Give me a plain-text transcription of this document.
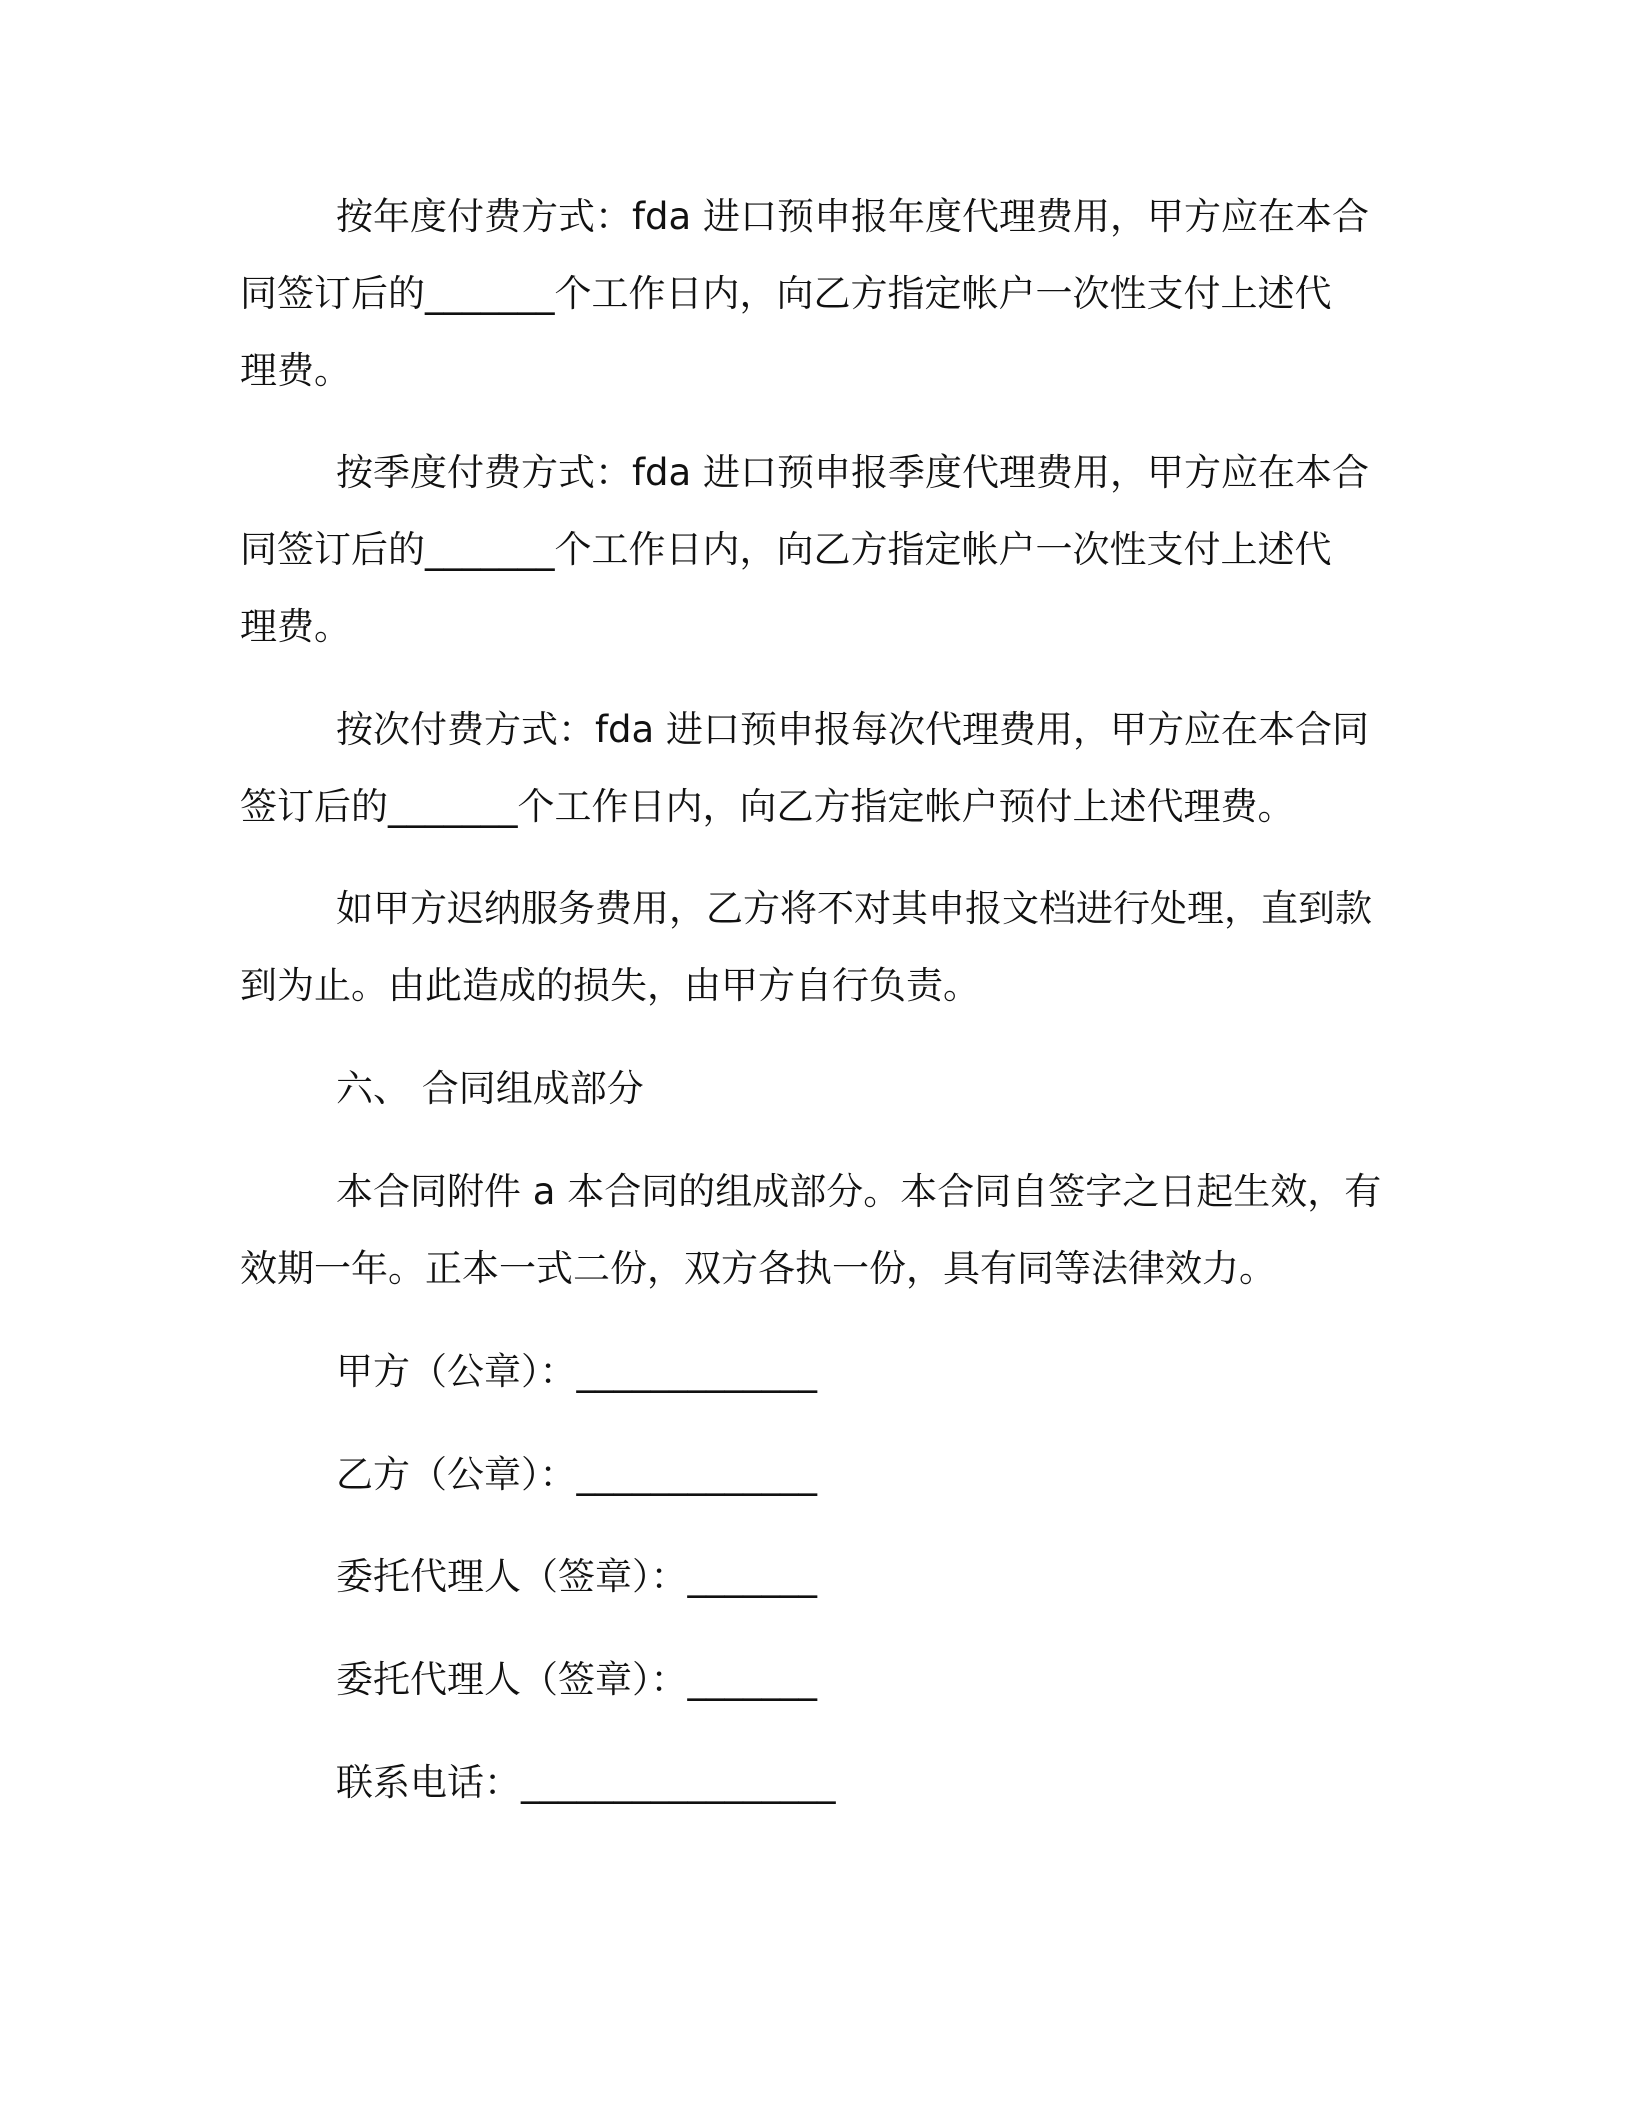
按年度付费方式：fda 进口预申报年度代理费用，甲方应在本合
同签订后的_______个工作日内，向乙方指定帐户一次性支付上述代
理费。
按季度付费方式：fda 进口预申报季度代理费用，甲方应在本合
同签订后的_______个工作日内，向乙方指定帐户一次性支付上述代
理费。
按次付费方式：fda 进口预申报每次代理费用，甲方应在本合同
签订后的_______个工作日内，向乙方指定帐户预付上述代理费。
如甲方迟纳服务费用，乙方将不对其申报文档进行处理，直到款
到为止。由此造成的损失，由甲方自行负责。
六、 合同组成部分
本合同附件 a 本合同的组成部分。本合同自签字之日起生效，有
效期一年。正本一式二份，双方各执一份，具有同等法律效力。
甲方（公章）：_____________
乙方（公章）：_____________
委托代理人（签章）：_______
委托代理人（签章）：_______
联系电话：_________________
